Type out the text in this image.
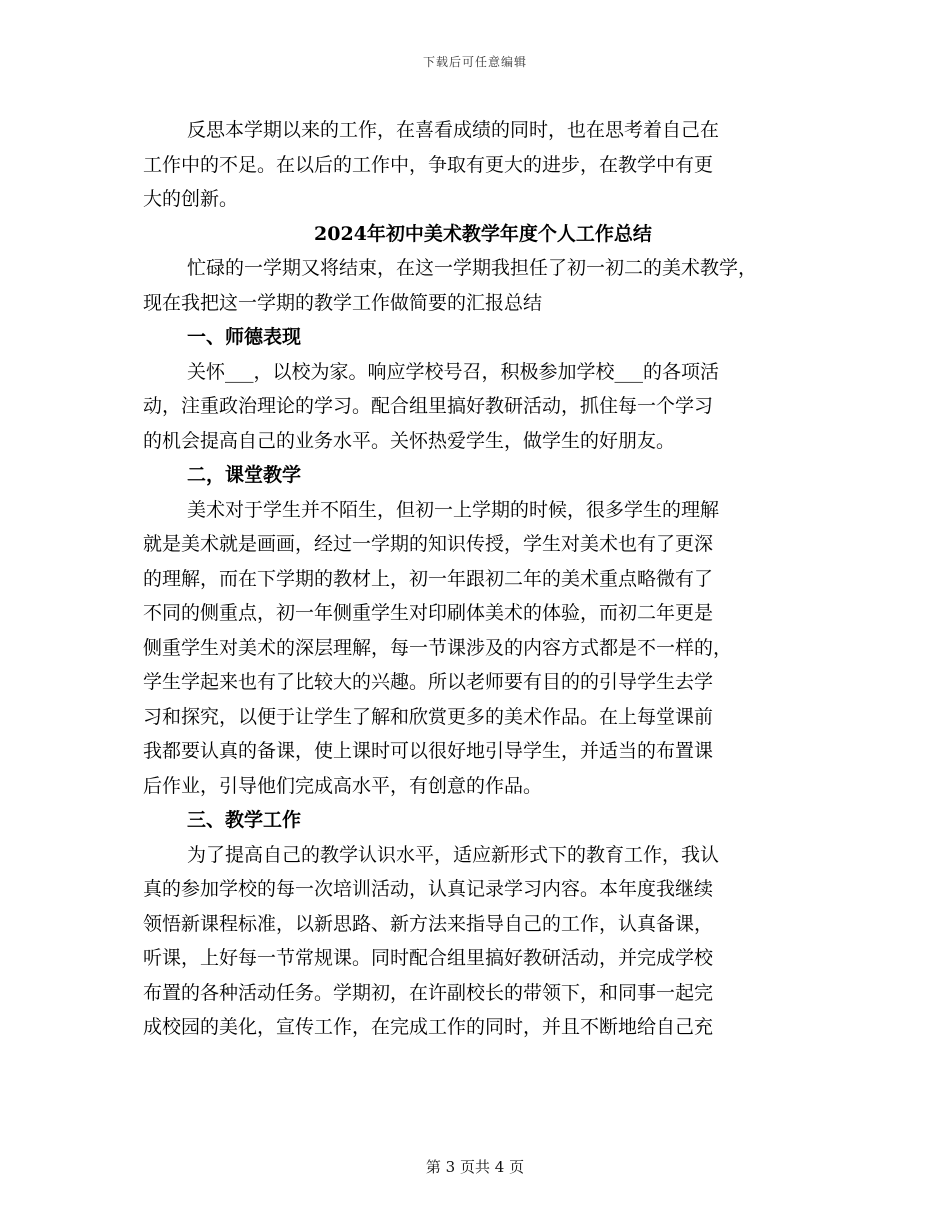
下载后可任意编辑
反思本学期以来的工作，在喜看成绩的同时，也在思考着自己在
工作中的不足。在以后的工作中，争取有更大的进步，在教学中有更
大的创新。
2024年初中美术教学年度个人工作总结
忙碌的一学期又将结束，在这一学期我担任了初一初二的美术教学，
现在我把这一学期的教学工作做简要的汇报总结
一、师德表现
关怀___，以校为家。响应学校号召，积极参加学校___的各项活
动，注重政治理论的学习。配合组里搞好教研活动，抓住每一个学习
的机会提高自己的业务水平。关怀热爱学生，做学生的好朋友。
二，课堂教学
美术对于学生并不陌生，但初一上学期的时候，很多学生的理解
就是美术就是画画，经过一学期的知识传授，学生对美术也有了更深
的理解，而在下学期的教材上，初一年跟初二年的美术重点略微有了
不同的侧重点，初一年侧重学生对印刷体美术的体验，而初二年更是
侧重学生对美术的深层理解，每一节课涉及的内容方式都是不一样的，
学生学起来也有了比较大的兴趣。所以老师要有目的的引导学生去学
习和探究，以便于让学生了解和欣赏更多的美术作品。在上每堂课前
我都要认真的备课，使上课时可以很好地引导学生，并适当的布置课
后作业，引导他们完成高水平，有创意的作品。
三、教学工作
为了提高自己的教学认识水平，适应新形式下的教育工作，我认
真的参加学校的每一次培训活动，认真记录学习内容。本年度我继续
领悟新课程标准，以新思路、新方法来指导自己的工作，认真备课，
听课，上好每一节常规课。同时配合组里搞好教研活动，并完成学校
布置的各种活动任务。学期初，在许副校长的带领下，和同事一起完
成校园的美化，宣传工作，在完成工作的同时，并且不断地给自己充
第 3 页共 4 页
